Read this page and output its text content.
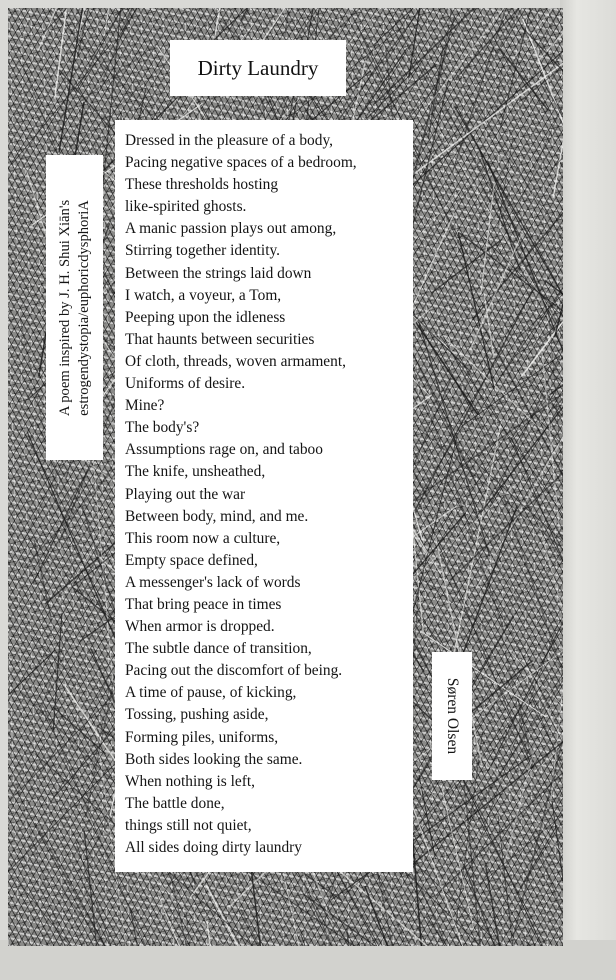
Dirty Laundry
A poem inspired by J. H. Shui Xiān's estrogendystopia/euphoricdysphoriA
Dressed in the pleasure of a body,
Pacing negative spaces of a bedroom,
These thresholds hosting
like-spirited ghosts.
A manic passion plays out among,
Stirring together identity.
Between the strings laid down
I watch, a voyeur, a Tom,
Peeping upon the idleness
That haunts between securities
Of cloth, threads, woven armament,
Uniforms of desire.
Mine?
The body's?
Assumptions rage on, and taboo
The knife, unsheathed,
Playing out the war
Between body, mind, and me.
This room now a culture,
Empty space defined,
A messenger's lack of words
That bring peace in times
When armor is dropped.
The subtle dance of transition,
Pacing out the discomfort of being.
A time of pause, of kicking,
Tossing, pushing aside,
Forming piles, uniforms,
Both sides looking the same.
When nothing is left,
The battle done,
things still not quiet,
All sides doing dirty laundry
Søren Olsen
